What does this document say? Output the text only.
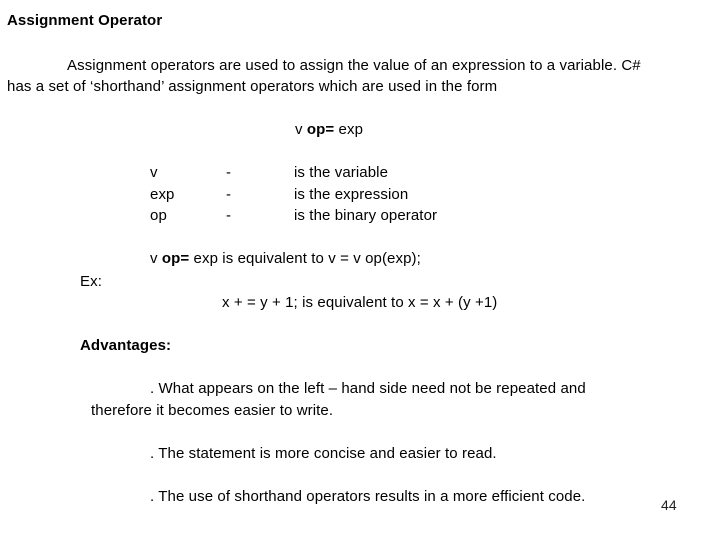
Assignment Operator
Assignment operators are used to assign the value of an expression to a variable. C#
has a set of ‘shorthand’ assignment operators which are used in the form
v op= exp
v	-	is the variable
exp	-	is the expression
op	-	is the binary operator
v op= exp is equivalent to v = v op(exp);
Ex:
x + = y + 1; is equivalent to x = x + (y +1)
Advantages:
. What appears on the left – hand side need not be repeated and
therefore it becomes easier to write.
. The statement is more concise and easier to read.
. The use of shorthand operators results in a more efficient code.	44
